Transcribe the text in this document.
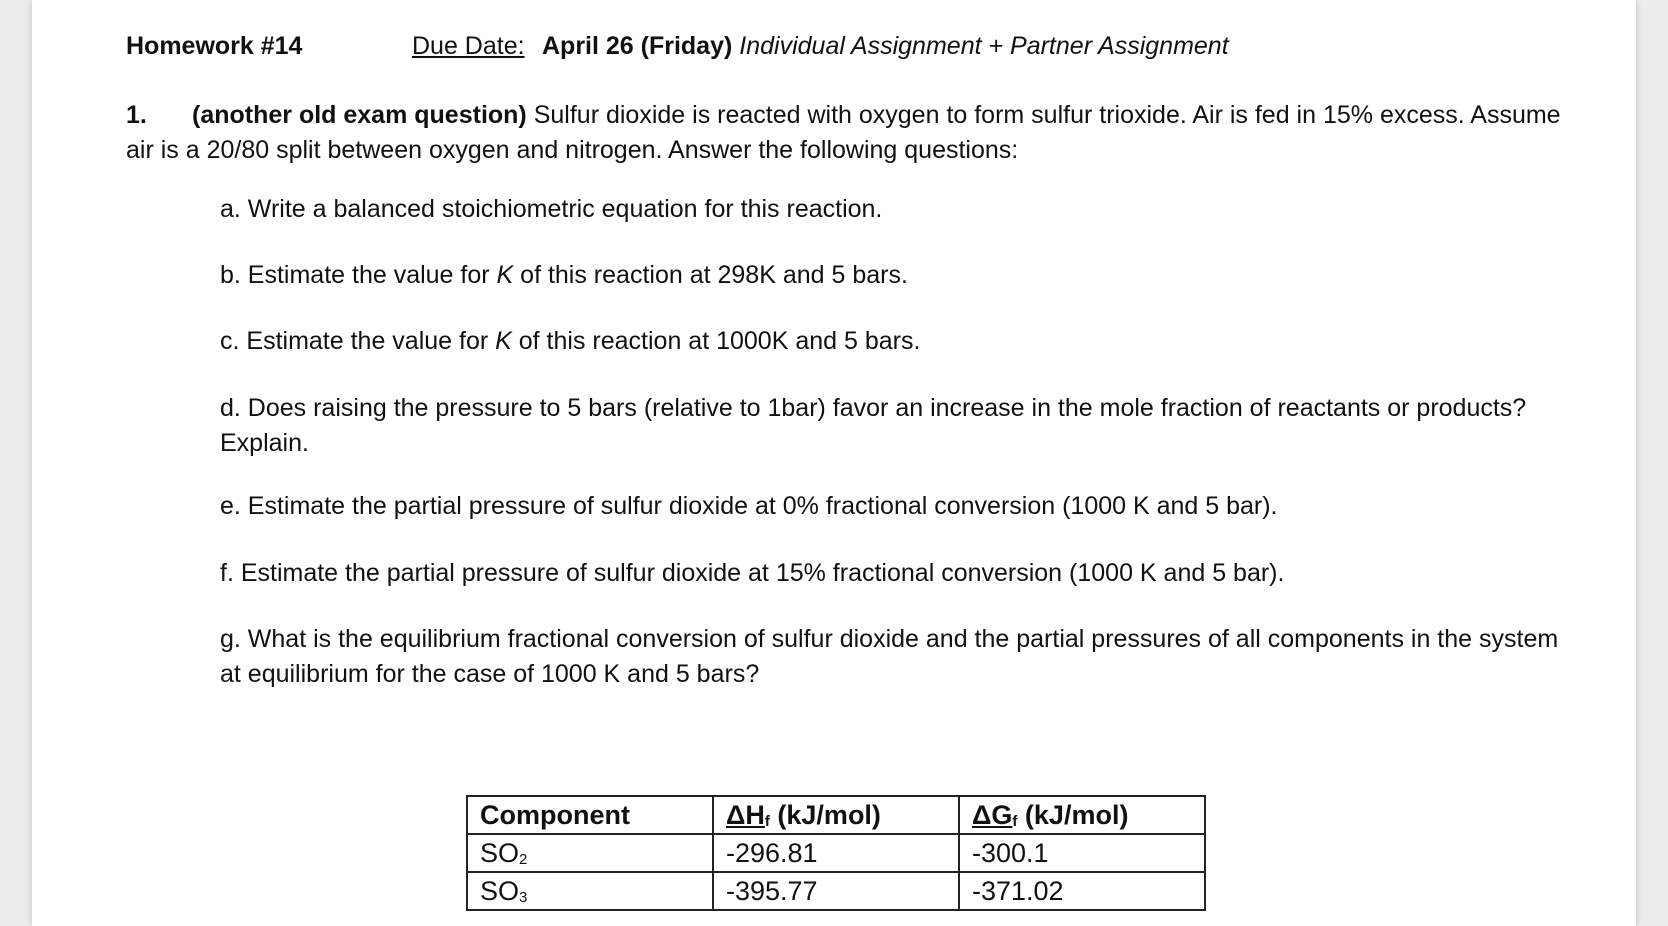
Homework #14	Due Date: April 26 (Friday) Individual Assignment + Partner Assignment
1. (another old exam question) Sulfur dioxide is reacted with oxygen to form sulfur trioxide. Air is fed in 15% excess. Assume air is a 20/80 split between oxygen and nitrogen. Answer the following questions:
a. Write a balanced stoichiometric equation for this reaction.
b. Estimate the value for K of this reaction at 298K and 5 bars.
c. Estimate the value for K of this reaction at 1000K and 5 bars.
d. Does raising the pressure to 5 bars (relative to 1bar) favor an increase in the mole fraction of reactants or products? Explain.
e. Estimate the partial pressure of sulfur dioxide at 0% fractional conversion (1000 K and 5 bar).
f. Estimate the partial pressure of sulfur dioxide at 15% fractional conversion (1000 K and 5 bar).
g. What is the equilibrium fractional conversion of sulfur dioxide and the partial pressures of all components in the system at equilibrium for the case of 1000 K and 5 bars?
Component	$\Delta H_f$ (kJ/mol)	$\Delta G_f$ (kJ/mol)
$SO_2$	-296.81	-300.1
$SO_3$	-395.77	-371.02
